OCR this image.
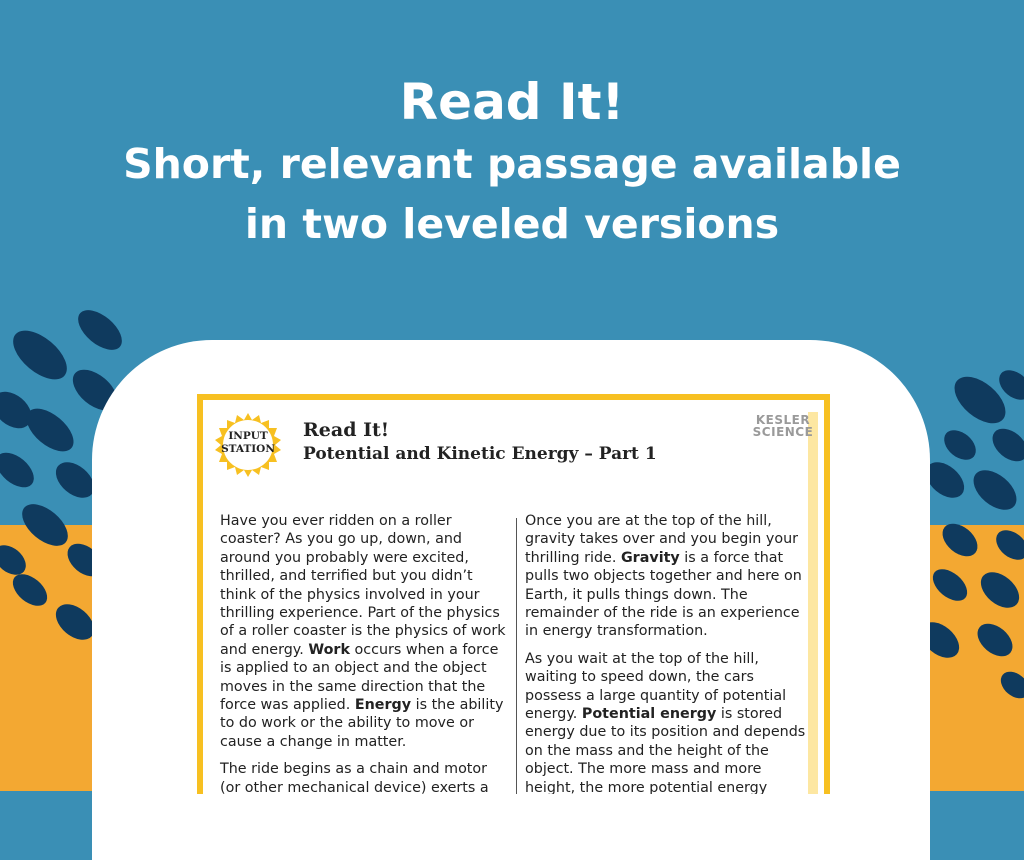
Read It!
Short, relevant passage available
in two leveled versions
INPUT
STATION
Read It!
Potential and Kinetic Energy – Part 1
KESLER
SCIENCE

Have you ever ridden on a roller coaster? As you go up, down, and around you probably were excited, thrilled, and terrified but you didn’t think of the physics involved in your thrilling experience. Part of the physics of a roller coaster is the physics of work and energy. Work occurs when a force is applied to an object and the object moves in the same direction that the force was applied. Energy is the ability to do work or the ability to move or cause a change in matter.

The ride begins as a chain and motor (or other mechanical device) exerts a

Once you are at the top of the hill, gravity takes over and you begin your thrilling ride. Gravity is a force that pulls two objects together and here on Earth, it pulls things down. The remainder of the ride is an experience in energy transformation.

As you wait at the top of the hill, waiting to speed down, the cars possess a large quantity of potential energy. Potential energy is stored energy due to its position and depends on the mass and the height of the object. The more mass and more height, the more potential energy
